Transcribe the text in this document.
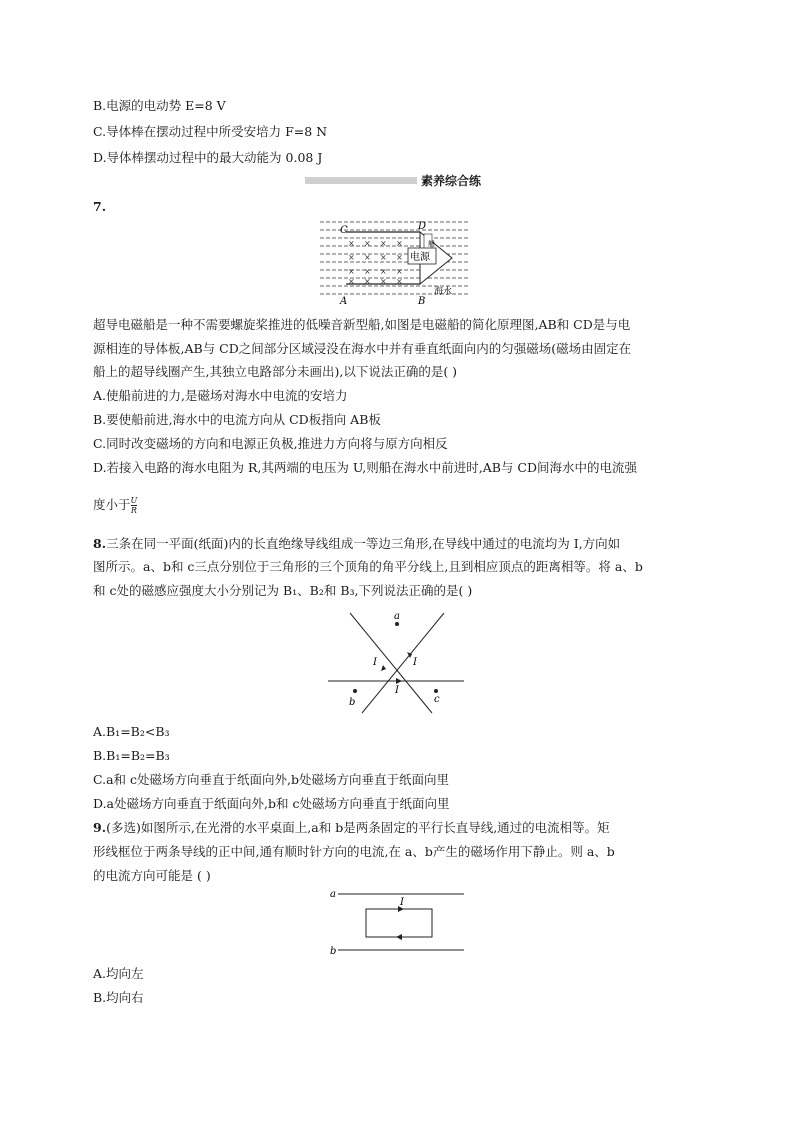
B.电源的电动势 E=8 V
C.导体棒在摆动过程中所受安培力 F=8 N
D.导体棒摆动过程中的最大动能为 0.08 J
素养综合练
7.
电源
船
× × × ×
× × × ×
× × × ×
× × × ×
C	D
A	B
海水
超导电磁船是一种不需要螺旋桨推进的低噪音新型船,如图是电磁船的简化原理图,AB和 CD是与电
源相连的导体板,AB与 CD之间部分区域浸没在海水中并有垂直纸面向内的匀强磁场(磁场由固定在
船上的超导线圈产生,其独立电路部分未画出),以下说法正确的是( )
A.使船前进的力,是磁场对海水中电流的安培力
B.要使船前进,海水中的电流方向从 CD板指向 AB板
C.同时改变磁场的方向和电源正负极,推进力方向将与原方向相反
D.若接入电路的海水电阻为 R,其两端的电压为 U,则船在海水中前进时,AB与 CD间海水中的电流强
度小于 $\frac{U}{R}$
8.三条在同一平面(纸面)内的长直绝缘导线组成一等边三角形,在导线中通过的电流均为 I,方向如
图所示。a、b和 c三点分别位于三角形的三个顶角的角平分线上,且到相应顶点的距离相等。将 a、b
和 c处的磁感应强度大小分别记为 B₁、B₂和 B₃,下列说法正确的是( )
a
b	c
I	I
I
A.B₁=B₂<B₃
B.B₁=B₂=B₃
C.a和 c处磁场方向垂直于纸面向外,b处磁场方向垂直于纸面向里
D.a处磁场方向垂直于纸面向外,b和 c处磁场方向垂直于纸面向里
9.(多选)如图所示,在光滑的水平桌面上,a和 b是两条固定的平行长直导线,通过的电流相等。矩
形线框位于两条导线的正中间,通有顺时针方向的电流,在 a、b产生的磁场作用下静止。则 a、b
的电流方向可能是 ( )
a
b
I
A.均向左
B.均向右
